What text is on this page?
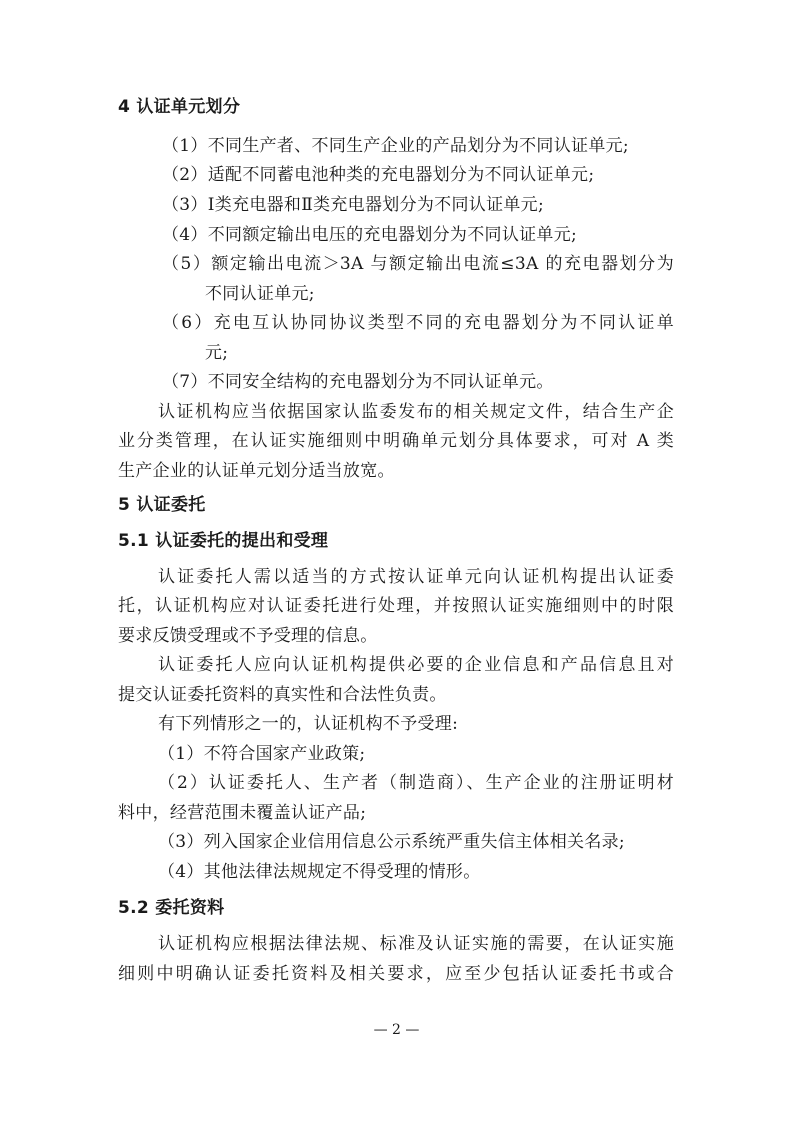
4 认证单元划分
（1）不同生产者、不同生产企业的产品划分为不同认证单元;
（2）适配不同蓄电池种类的充电器划分为不同认证单元;
（3）Ⅰ类充电器和Ⅱ类充电器划分为不同认证单元;
（4）不同额定输出电压的充电器划分为不同认证单元;
（5）额定输出电流＞3A 与额定输出电流≤3A 的充电器划分为
不同认证单元;
（6）充电互认协同协议类型不同的充电器划分为不同认证单
元;
（7）不同安全结构的充电器划分为不同认证单元。
认证机构应当依据国家认监委发布的相关规定文件，结合生产企
业分类管理，在认证实施细则中明确单元划分具体要求，可对 A 类
生产企业的认证单元划分适当放宽。
5 认证委托
5.1 认证委托的提出和受理
认证委托人需以适当的方式按认证单元向认证机构提出认证委
托，认证机构应对认证委托进行处理，并按照认证实施细则中的时限
要求反馈受理或不予受理的信息。
认证委托人应向认证机构提供必要的企业信息和产品信息且对
提交认证委托资料的真实性和合法性负责。
有下列情形之一的，认证机构不予受理:
（1）不符合国家产业政策;
（2）认证委托人、生产者（制造商）、生产企业的注册证明材
料中，经营范围未覆盖认证产品;
（3）列入国家企业信用信息公示系统严重失信主体相关名录;
（4）其他法律法规规定不得受理的情形。
5.2 委托资料
认证机构应根据法律法规、标准及认证实施的需要，在认证实施
细则中明确认证委托资料及相关要求，应至少包括认证委托书或合
— 2 —
